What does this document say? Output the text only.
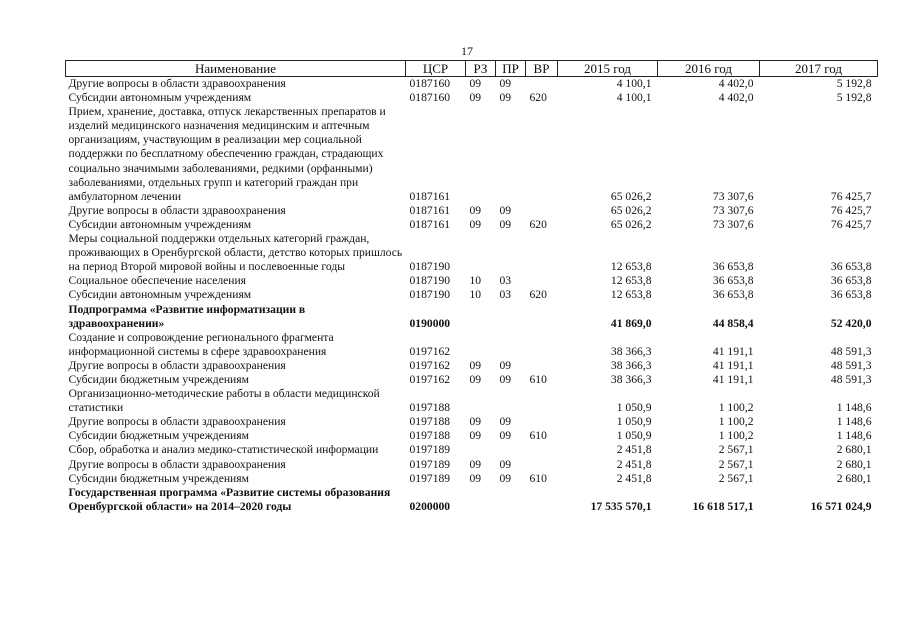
17
Наименование	ЦСР	РЗ	ПР	ВР	2015 год	2016 год	2017 год
Другие вопросы в области здравоохранения	0187160	09	09		4 100,1	4 402,0	5 192,8
Субсидии автономным учреждениям	0187160	09	09	620	4 100,1	4 402,0	5 192,8
Прием, хранение, доставка, отпуск лекарственных препаратов и изделий медицинского назначения медицинским и аптечным организациям, участвующим в реализации мер социальной поддержки по бесплатному обеспечению граждан, страдающих социально значимыми заболеваниями, редкими (орфанными) заболеваниями, отдельных групп и категорий граждан при амбулаторном лечении	0187161				65 026,2	73 307,6	76 425,7
Другие вопросы в области здравоохранения	0187161	09	09		65 026,2	73 307,6	76 425,7
Субсидии автономным учреждениям	0187161	09	09	620	65 026,2	73 307,6	76 425,7
Меры социальной поддержки отдельных категорий граждан, проживающих в Оренбургской области, детство которых пришлось на период Второй мировой войны и послевоенные годы	0187190				12 653,8	36 653,8	36 653,8
Социальное обеспечение населения	0187190	10	03		12 653,8	36 653,8	36 653,8
Субсидии автономным учреждениям	0187190	10	03	620	12 653,8	36 653,8	36 653,8
Подпрограмма «Развитие информатизации в здравоохранении»	0190000				41 869,0	44 858,4	52 420,0
Создание и сопровождение регионального фрагмента информационной системы в сфере здравоохранения	0197162				38 366,3	41 191,1	48 591,3
Другие вопросы в области здравоохранения	0197162	09	09		38 366,3	41 191,1	48 591,3
Субсидии бюджетным учреждениям	0197162	09	09	610	38 366,3	41 191,1	48 591,3
Организационно-методические работы в области медицинской статистики	0197188				1 050,9	1 100,2	1 148,6
Другие вопросы в области здравоохранения	0197188	09	09		1 050,9	1 100,2	1 148,6
Субсидии бюджетным учреждениям	0197188	09	09	610	1 050,9	1 100,2	1 148,6
Сбор, обработка и анализ медико-статистической информации	0197189				2 451,8	2 567,1	2 680,1
Другие вопросы в области здравоохранения	0197189	09	09		2 451,8	2 567,1	2 680,1
Субсидии бюджетным учреждениям	0197189	09	09	610	2 451,8	2 567,1	2 680,1
Государственная программа «Развитие системы образования Оренбургской области» на 2014–2020 годы	0200000				17 535 570,1	16 618 517,1	16 571 024,9
